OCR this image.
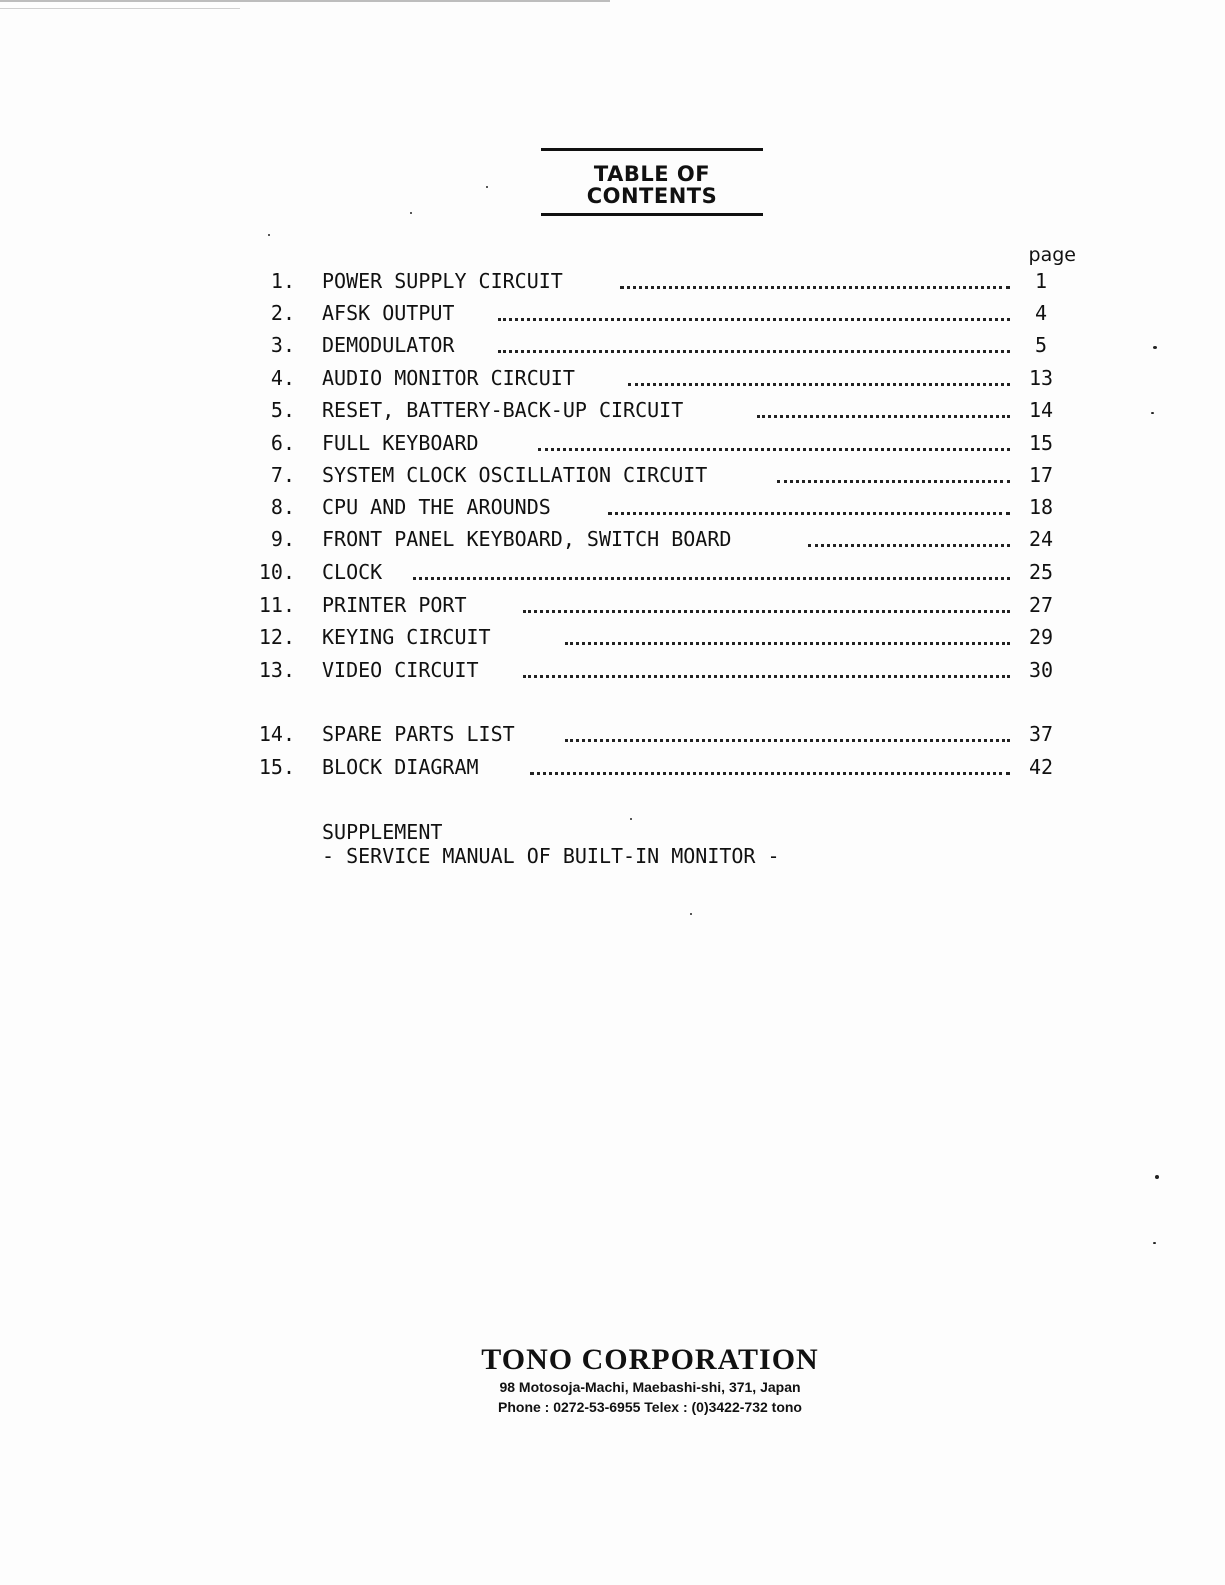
TABLE OF CONTENTS
page
1. POWER SUPPLY CIRCUIT	1
2. AFSK OUTPUT	4
3. DEMODULATOR	5
4. AUDIO MONITOR CIRCUIT	13
5. RESET, BATTERY-BACK-UP CIRCUIT	14
6. FULL KEYBOARD	15
7. SYSTEM CLOCK OSCILLATION CIRCUIT	17
8. CPU AND THE AROUNDS	18
9. FRONT PANEL KEYBOARD, SWITCH BOARD	24
10. CLOCK	25
11. PRINTER PORT	27
12. KEYING CIRCUIT	29
13. VIDEO CIRCUIT	30
14. SPARE PARTS LIST	37
15. BLOCK DIAGRAM	42
SUPPLEMENT
- SERVICE MANUAL OF BUILT-IN MONITOR -
TONO CORPORATION
98 Motosoja-Machi, Maebashi-shi, 371, Japan
Phone : 0272-53-6955 Telex : (0)3422-732 tono
